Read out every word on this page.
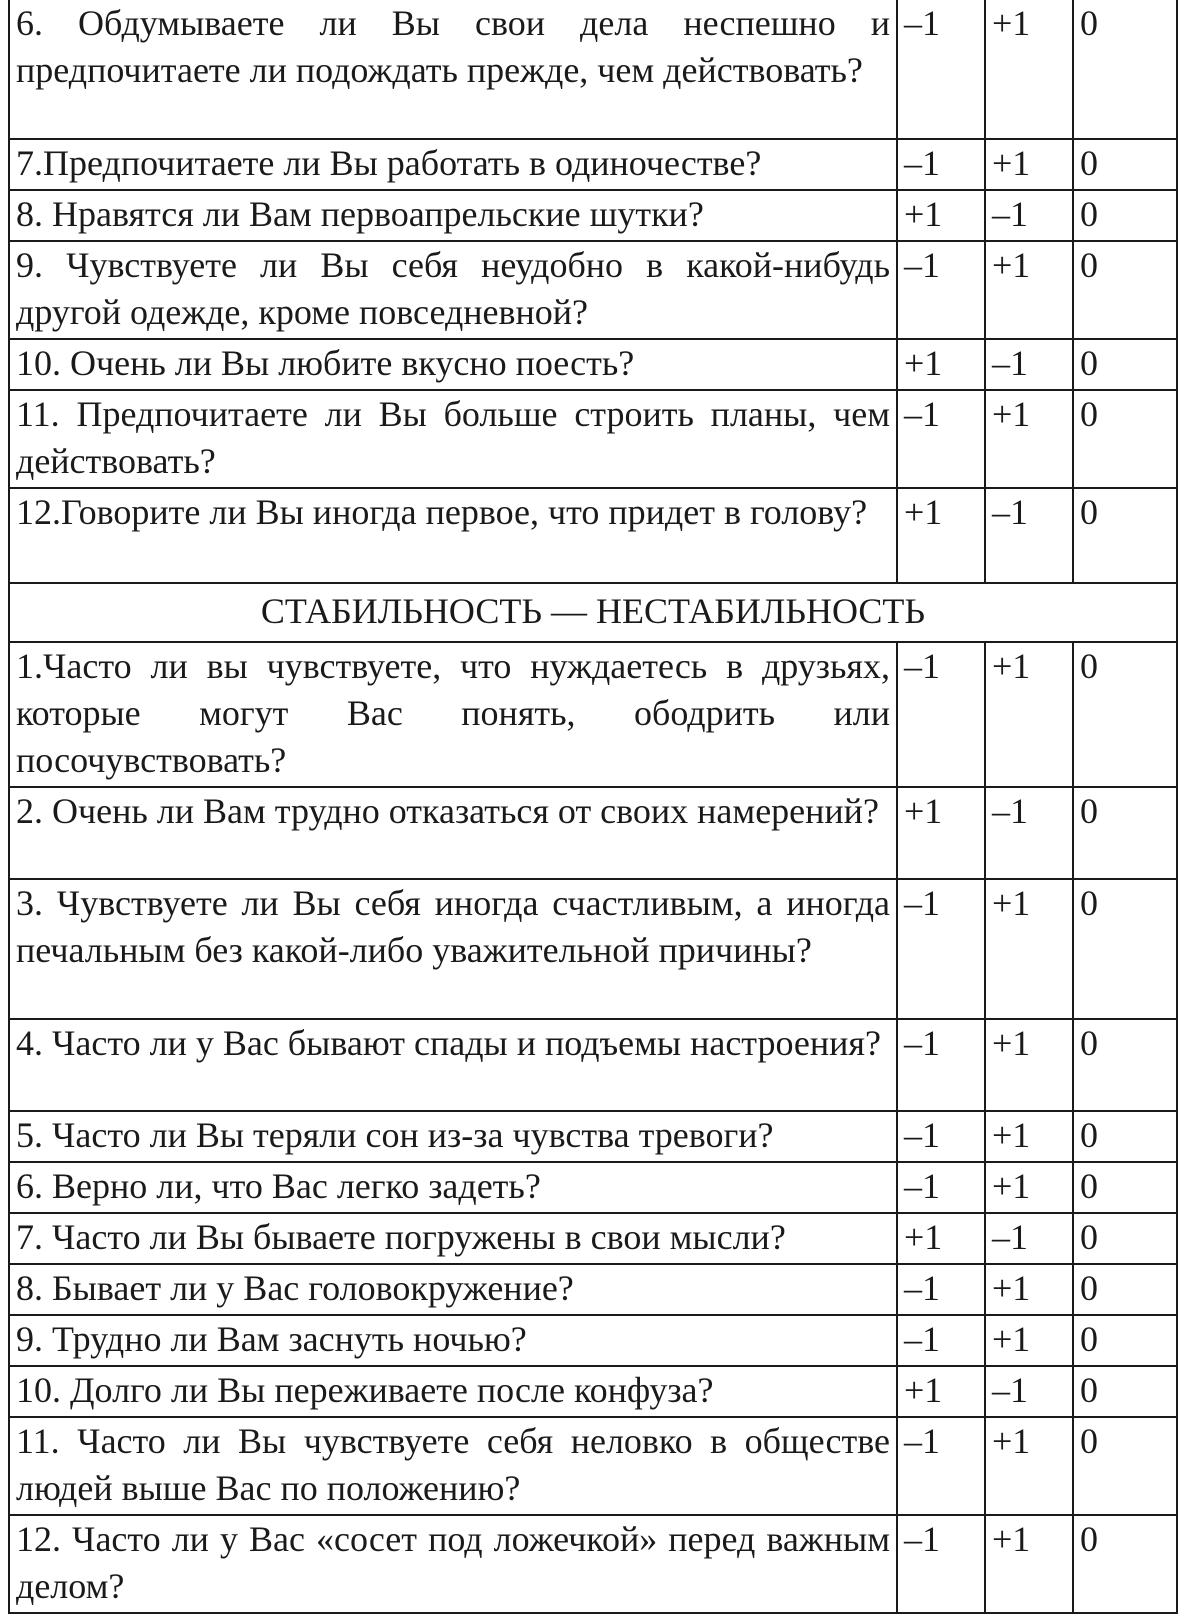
6. Обдумываете ли Вы свои дела неспешно и предпочитаете ли подождать прежде, чем действовать?	–1	+1	0
7.Предпочитаете ли Вы работать в одиночестве?	–1	+1	0
8. Нравятся ли Вам первоапрельские шутки?	+1	–1	0
9. Чувствуете ли Вы себя неудобно в какой-нибудь другой одежде, кроме повседневной?	–1	+1	0
10. Очень ли Вы любите вкусно поесть?	+1	–1	0
11. Предпочитаете ли Вы больше строить планы, чем действовать?	–1	+1	0
12.Говорите ли Вы иногда первое, что придет в голову?	+1	–1	0
СТАБИЛЬНОСТЬ — НЕСТАБИЛЬНОСТЬ			
1.Часто ли вы чувствуете, что нуждаетесь в друзьях, которые могут Вас понять, ободрить или посочувствовать?	–1	+1	0
2. Очень ли Вам трудно отказаться от своих намерений?	+1	–1	0
3. Чувствуете ли Вы себя иногда счастливым, а иногда печальным без какой-либо уважительной причины?	–1	+1	0
4. Часто ли у Вас бывают спады и подъемы настроения?	–1	+1	0
5. Часто ли Вы теряли сон из-за чувства тревоги?	–1	+1	0
6. Верно ли, что Вас легко задеть?	–1	+1	0
7. Часто ли Вы бываете погружены в свои мысли?	+1	–1	0
8. Бывает ли у Вас головокружение?	–1	+1	0
9. Трудно ли Вам заснуть ночью?	–1	+1	0
10. Долго ли Вы переживаете после конфуза?	+1	–1	0
11. Часто ли Вы чувствуете себя неловко в обществе людей выше Вас по положению?	–1	+1	0
12. Часто ли у Вас «сосет под ложечкой» перед важным делом?	–1	+1	0
